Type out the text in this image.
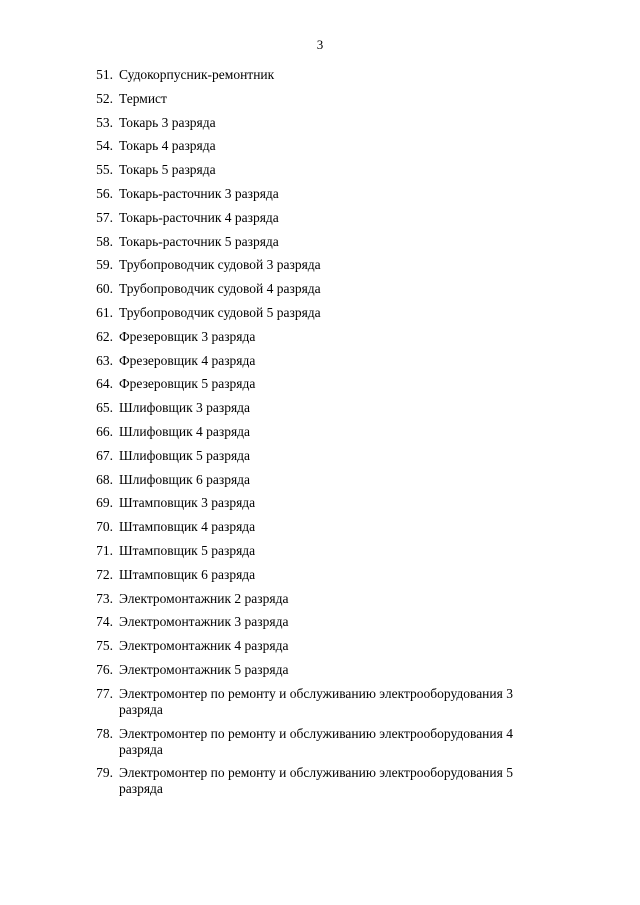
3
51. Судокорпусник-ремонтник
52. Термист
53. Токарь 3 разряда
54. Токарь 4 разряда
55. Токарь 5 разряда
56. Токарь-расточник 3 разряда
57. Токарь-расточник 4 разряда
58. Токарь-расточник 5 разряда
59. Трубопроводчик судовой 3 разряда
60. Трубопроводчик судовой 4 разряда
61. Трубопроводчик судовой 5 разряда
62. Фрезеровщик 3 разряда
63. Фрезеровщик 4 разряда
64. Фрезеровщик 5 разряда
65. Шлифовщик 3 разряда
66. Шлифовщик 4 разряда
67. Шлифовщик 5 разряда
68. Шлифовщик 6 разряда
69. Штамповщик 3 разряда
70. Штамповщик 4 разряда
71. Штамповщик 5 разряда
72. Штамповщик 6 разряда
73. Электромонтажник 2 разряда
74. Электромонтажник 3 разряда
75. Электромонтажник 4 разряда
76. Электромонтажник 5 разряда
77. Электромонтер по ремонту и обслуживанию электрооборудования 3 разряда
78. Электромонтер по ремонту и обслуживанию электрооборудования 4 разряда
79. Электромонтер по ремонту и обслуживанию электрооборудования 5 разряда
